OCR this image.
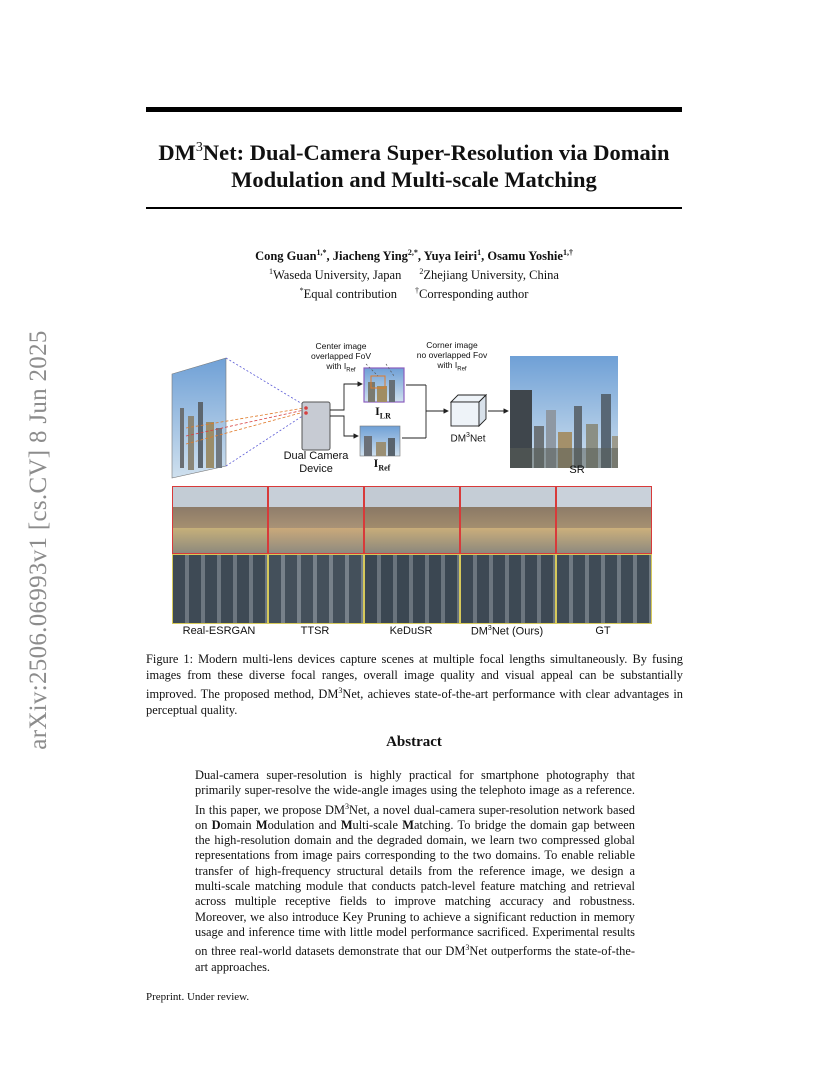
arXiv:2506.06993v1 [cs.CV] 8 Jun 2025
$DM^3Net$: Dual-Camera Super-Resolution via Domain
Modulation and Multi-scale Matching
Cong Guan$^{1,*}$, Jiacheng Ying$^{2,*}$, Yuya Ieiri$^1$, Osamu Yoshie$^{1,\dagger}$
$^1$Waseda University, Japan $^2$Zhejiang University, China
*Equal contribution †Corresponding author
Center image
overlapped FoV
with $I_{Ref}$
Corner image
no overlapped Fov
with $I_{Ref}$
$I_{LR}$
$I_{Ref}$
Dual Camera
Device
$DM^3Net$
SR
Real-ESRGAN	TTSR	KeDuSR	$DM^3Net$ (Ours)	GT
Figure 1: Modern multi-lens devices capture scenes at multiple focal lengths simultaneously. By fusing images from these diverse focal ranges, overall image quality and visual appeal can be substantially improved. The proposed method, $DM^3Net$, achieves state-of-the-art performance with clear advantages in perceptual quality.
Abstract
Dual-camera super-resolution is highly practical for smartphone photography that primarily super-resolve the wide-angle images using the telephoto image as a reference. In this paper, we propose $DM^3Net$, a novel dual-camera super-resolution network based on Domain Modulation and Multi-scale Matching. To bridge the domain gap between the high-resolution domain and the degraded domain, we learn two compressed global representations from image pairs corresponding to the two domains. To enable reliable transfer of high-frequency structural details from the reference image, we design a multi-scale matching module that conducts patch-level feature matching and retrieval across multiple receptive fields to improve matching accuracy and robustness. Moreover, we also introduce Key Pruning to achieve a significant reduction in memory usage and inference time with little model performance sacrificed. Experimental results on three real-world datasets demonstrate that our $DM^3Net$ outperforms the state-of-the-art approaches.
Preprint. Under review.
